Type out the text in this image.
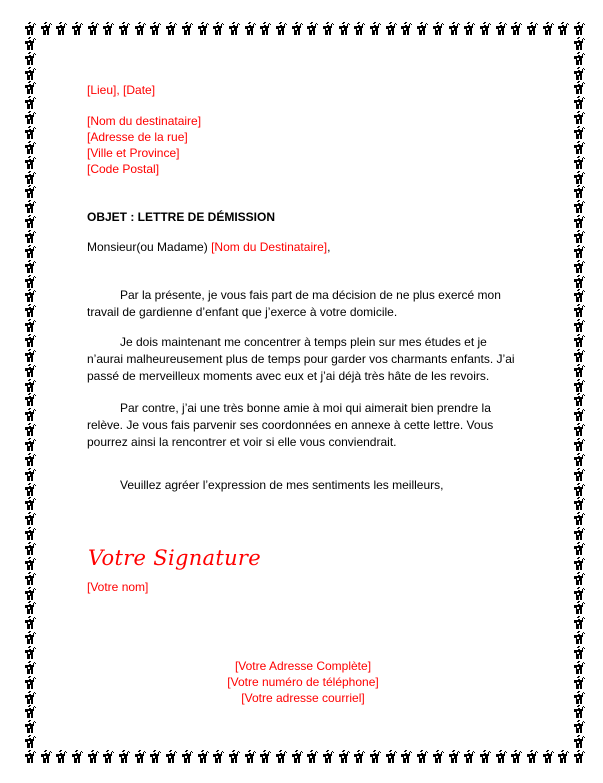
[Lieu], [Date]
[Nom du destinataire]
[Adresse de la rue]
[Ville et Province]
[Code Postal]
OBJET : LETTRE DE DÉMISSION
Monsieur(ou Madame) [Nom du Destinataire],
Par la présente, je vous fais part de ma décision de ne plus exercé mon travail de gardienne d’enfant que j’exerce à votre domicile.
Je dois maintenant me concentrer à temps plein sur mes études et je n’aurai malheureusement plus de temps pour garder vos charmants enfants. J’ai passé de merveilleux moments avec eux et j’ai déjà très hâte de les revoirs.
Par contre, j’ai une très bonne amie à moi qui aimerait bien prendre la relève. Je vous fais parvenir ses coordonnées en annexe à cette lettre. Vous pourrez ainsi la rencontrer et voir si elle vous conviendrait.
Veuillez agréer l’expression de mes sentiments les meilleurs,
Votre Signature
[Votre nom]
[Votre Adresse Complète]
[Votre numéro de téléphone]
[Votre adresse courriel]
